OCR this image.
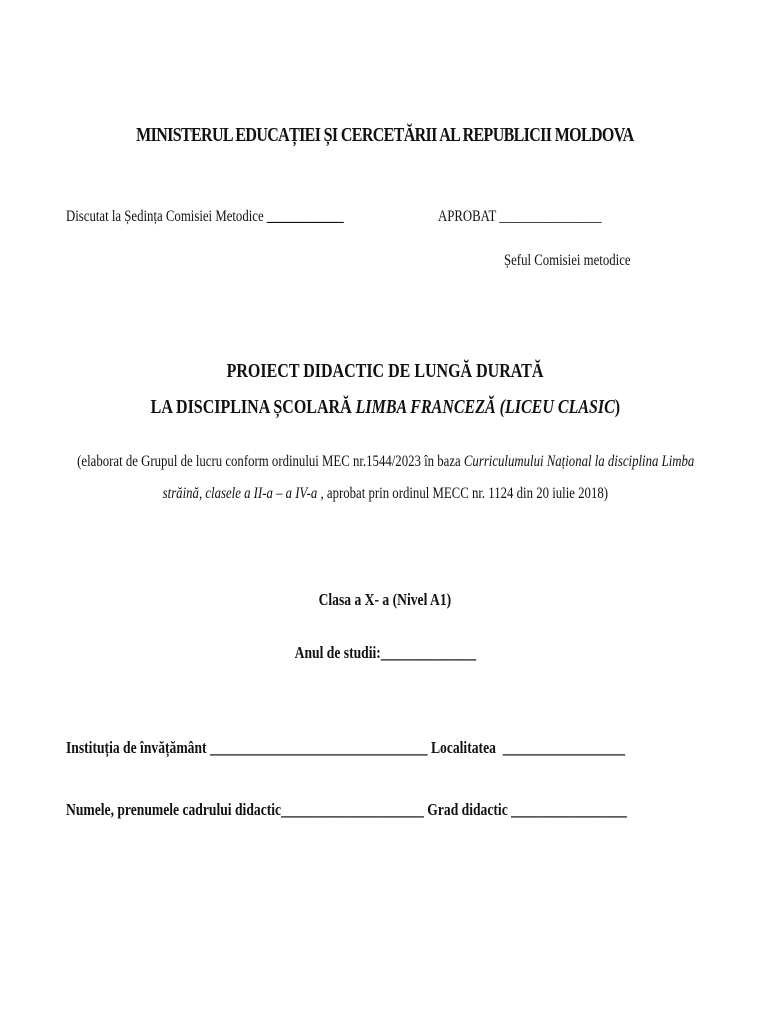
MINISTERUL EDUCAȚIEI ȘI CERCETĂRII AL REPUBLICII MOLDOVA
Discutat la Ședința Comisiei Metodice ____________	APROBAT ________________
Șeful Comisiei metodice
PROIECT DIDACTIC DE LUNGĂ DURATĂ
LA DISCIPLINA ȘCOLARĂ LIMBA FRANCEZĂ (LICEU CLASIC)
(elaborat de Grupul de lucru conform ordinului MEC nr.1544/2023 în baza Curriculumului Național la disciplina Limba
străină, clasele a II-a – a IV-a , aprobat prin ordinul MECC nr. 1124 din 20 iulie 2018)
Clasa a X- a (Nivel A1)
Anul de studii:______________
Instituția de învățământ ________________________________ Localitatea __________________
Numele, prenumele cadrului didactic_____________________ Grad didactic _________________
